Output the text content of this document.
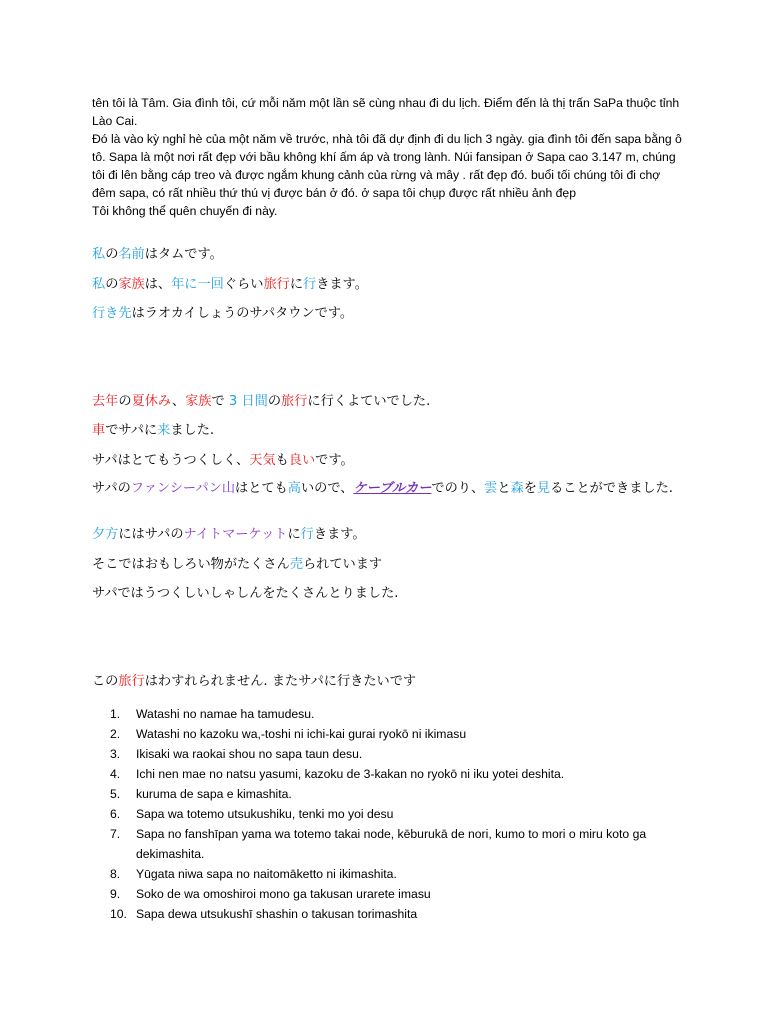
tên tôi là Tâm. Gia đình tôi, cứ mỗi năm một lần sẽ cùng nhau đi du lịch. Điểm đến là thị trấn SaPa thuộc tỉnh Lào Cai.

Đó là vào kỳ nghỉ hè của một năm về trước, nhà tôi đã dự định đi du lịch 3 ngày. gia đình tôi đến sapa bằng ô tô. Sapa là một nơi rất đẹp với bầu không khí ấm áp và trong lành. Núi fansipan ở Sapa cao 3.147 m, chúng tôi đi lên bằng cáp treo và được ngắm khung cảnh của rừng và mây . rất đẹp đó. buổi tối chúng tôi đi chợ đêm sapa, có rất nhiều thứ thú vị được bán ở đó. ở sapa tôi chụp được rất nhiều ảnh đẹp

Tôi không thể quên chuyến đi này.

私の名前はタムです。
私の家族は、年に一回ぐらい旅行に行きます。
行き先はラオカイしょうのサパタウンです。
去年の夏休み、家族で 3 日間の旅行に行くよていでした.
車でサパに来ました.
サパはとてもうつくしく、天気も良いです。
サパのファンシーパン山はとても高いので、ケーブルカーでのり、雲と森を見ることができました.
夕方にはサパのナイトマーケットに行きます。
そこではおもしろい物がたくさん売られています
サパではうつくしいしゃしんをたくさんとりました.
この旅行はわすれられません. またサパに行きたいです
1. Watashi no namae ha tamudesu.
2. Watashi no kazoku wa,-toshi ni ichi-kai gurai ryokō ni ikimasu
3. Ikisaki wa raokai shou no sapa taun desu.
4. Ichi nen mae no natsu yasumi, kazoku de 3-kakan no ryokō ni iku yotei deshita.
5. kuruma de sapa e kimashita.
6. Sapa wa totemo utsukushiku, tenki mo yoi desu
7. Sapa no fanshīpan yama wa totemo takai node, kēburukā de nori, kumo to mori o miru koto ga dekimashita.
8. Yūgata niwa sapa no naitomāketto ni ikimashita.
9. Soko de wa omoshiroi mono ga takusan urarete imasu
10. Sapa dewa utsukushī shashin o takusan torimashita
